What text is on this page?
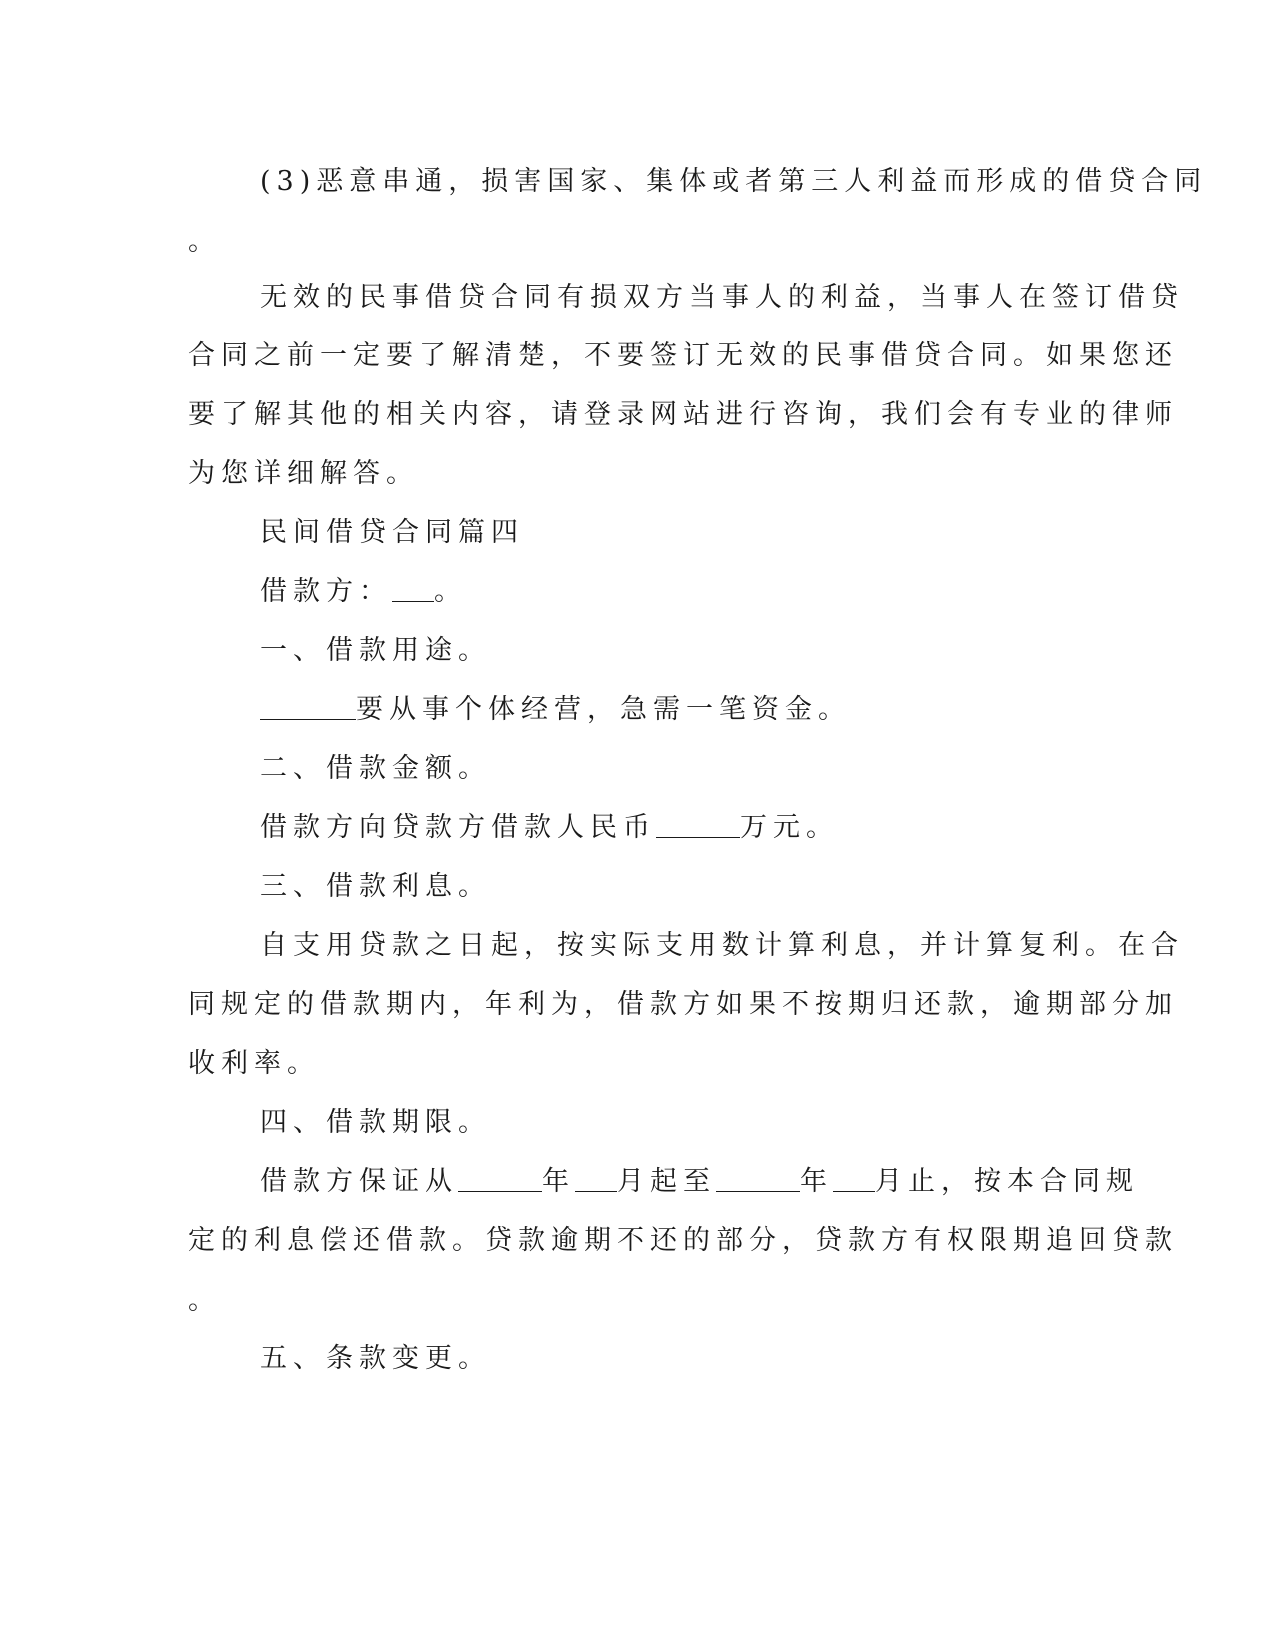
(3)恶意串通，损害国家、集体或者第三人利益而形成的借贷合同
。
无效的民事借贷合同有损双方当事人的利益，当事人在签订借贷
合同之前一定要了解清楚，不要签订无效的民事借贷合同。如果您还
要了解其他的相关内容，请登录网站进行咨询，我们会有专业的律师
为您详细解答。
民间借贷合同篇四
借款方： 。
一、借款用途。
要从事个体经营，急需一笔资金。
二、借款金额。
借款方向贷款方借款人民币	万元。
三、借款利息。
自支用贷款之日起，按实际支用数计算利息，并计算复利。在合
同规定的借款期内，年利为，借款方如果不按期归还款，逾期部分加
收利率。
四、借款期限。
借款方保证从	年 月起至	年 月止，按本合同规
定的利息偿还借款。贷款逾期不还的部分，贷款方有权限期追回贷款
。
五、条款变更。
